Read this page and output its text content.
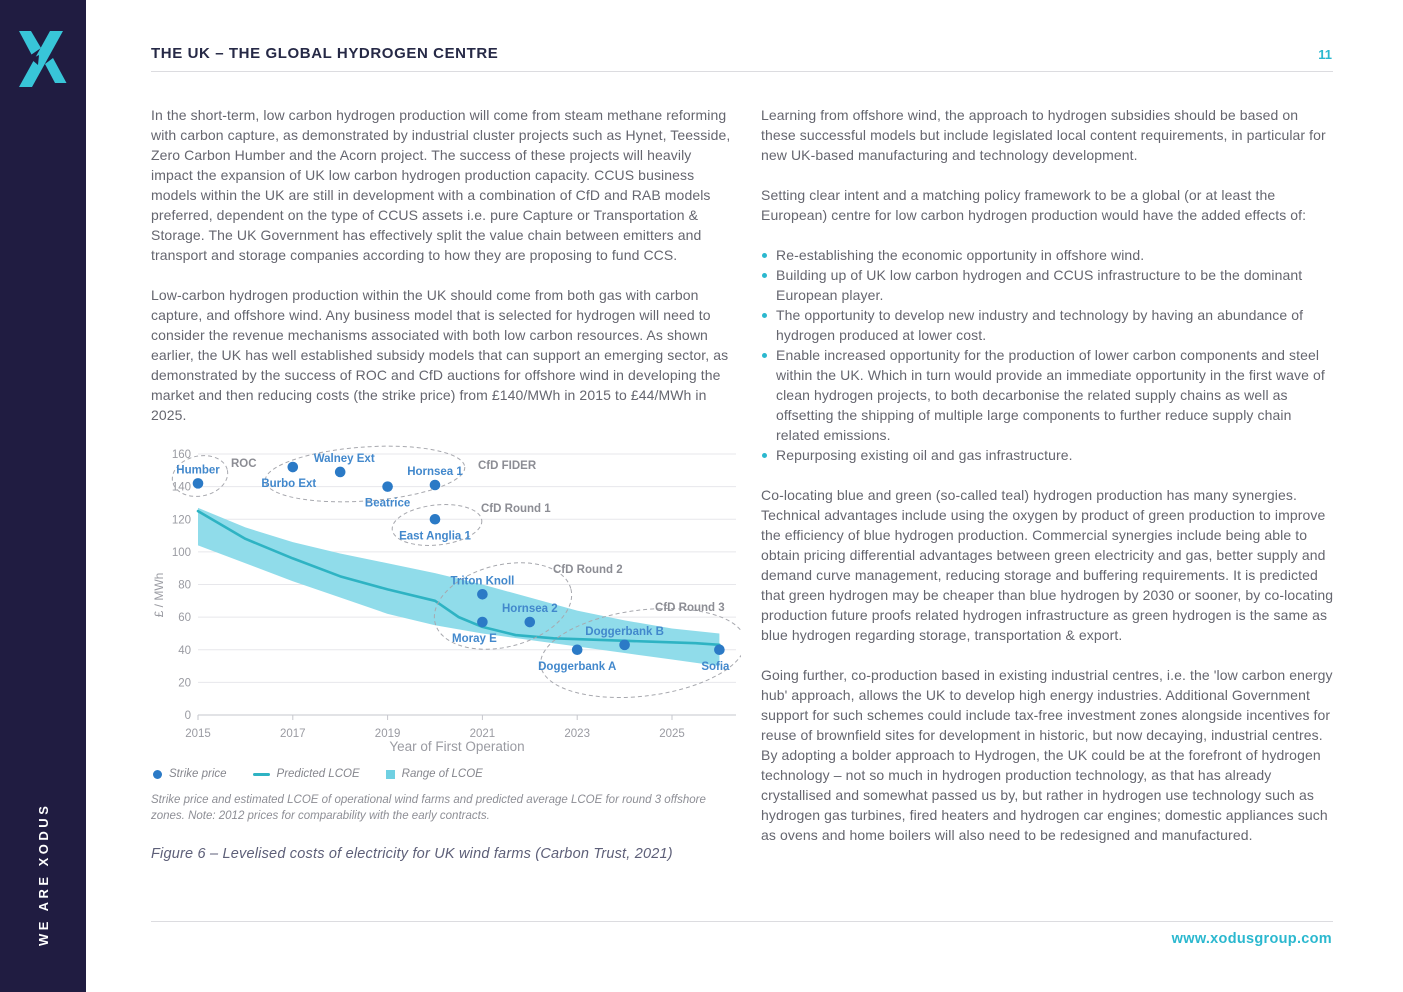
WE ARE XODUS
THE UK – THE GLOBAL HYDROGEN CENTRE	11

In the short-term, low carbon hydrogen production will come from steam methane reforming with carbon capture, as demonstrated by industrial cluster projects such as Hynet, Teesside, Zero Carbon Humber and the Acorn project. The success of these projects will heavily impact the expansion of UK low carbon hydrogen production capacity. CCUS business models within the UK are still in development with a combination of CfD and RAB models preferred, dependent on the type of CCUS assets i.e. pure Capture or Transportation & Storage. The UK Government has effectively split the value chain between emitters and transport and storage companies according to how they are proposing to fund CCS.

Low-carbon hydrogen production within the UK should come from both gas with carbon capture, and offshore wind. Any business model that is selected for hydrogen will need to consider the revenue mechanisms associated with both low carbon resources. As shown earlier, the UK has well established subsidy models that can support an emerging sector, as demonstrated by the success of ROC and CfD auctions for offshore wind in developing the market and then reducing costs (the strike price) from £140/MWh in 2015 to £44/MWh in 2025.

0
20
40
60
80
100
120
140
160
2015	2017	2019	2021	2023	2025
£ / MWh
Year of First Operation
ROC	CfD FIDER
CfD Round 1
CfD Round 2
CfD Round 3
Humber
Burbo Ext
Walney Ext
Beatrice
Hornsea 1
East Anglia 1
Triton Knoll
Moray E
Hornsea 2
Doggerbank A
Doggerbank B
Sofia
Strike price	Predicted LCOE	Range of LCOE
Strike price and estimated LCOE of operational wind farms and predicted average LCOE for round 3 offshore zones. Note: 2012 prices for comparability with the early contracts.
Figure 6 – Levelised costs of electricity for UK wind farms (Carbon Trust, 2021)

Learning from offshore wind, the approach to hydrogen subsidies should be based on these successful models but include legislated local content requirements, in particular for new UK-based manufacturing and technology development.

Setting clear intent and a matching policy framework to be a global (or at least the European) centre for low carbon hydrogen production would have the added effects of:

Re-establishing the economic opportunity in offshore wind.
Building up of UK low carbon hydrogen and CCUS infrastructure to be the dominant European player.
The opportunity to develop new industry and technology by having an abundance of hydrogen produced at lower cost.
Enable increased opportunity for the production of lower carbon components and steel within the UK. Which in turn would provide an immediate opportunity in the first wave of clean hydrogen projects, to both decarbonise the related supply chains as well as offsetting the shipping of multiple large components to further reduce supply chain related emissions.
Repurposing existing oil and gas infrastructure.

Co-locating blue and green (so-called teal) hydrogen production has many synergies. Technical advantages include using the oxygen by product of green production to improve the efficiency of blue hydrogen production. Commercial synergies include being able to obtain pricing differential advantages between green electricity and gas, better supply and demand curve management, reducing storage and buffering requirements. It is predicted that green hydrogen may be cheaper than blue hydrogen by 2030 or sooner, by co-locating production future proofs related hydrogen infrastructure as green hydrogen is the same as blue hydrogen regarding storage, transportation & export.

Going further, co-production based in existing industrial centres, i.e. the 'low carbon energy hub' approach, allows the UK to develop high energy industries. Additional Government support for such schemes could include tax-free investment zones alongside incentives for reuse of brownfield sites for development in historic, but now decaying, industrial centres. By adopting a bolder approach to Hydrogen, the UK could be at the forefront of hydrogen technology – not so much in hydrogen production technology, as that has already crystallised and somewhat passed us by, but rather in hydrogen use technology such as hydrogen gas turbines, fired heaters and hydrogen car engines; domestic appliances such as ovens and home boilers will also need to be redesigned and manufactured.

www.xodusgroup.com
